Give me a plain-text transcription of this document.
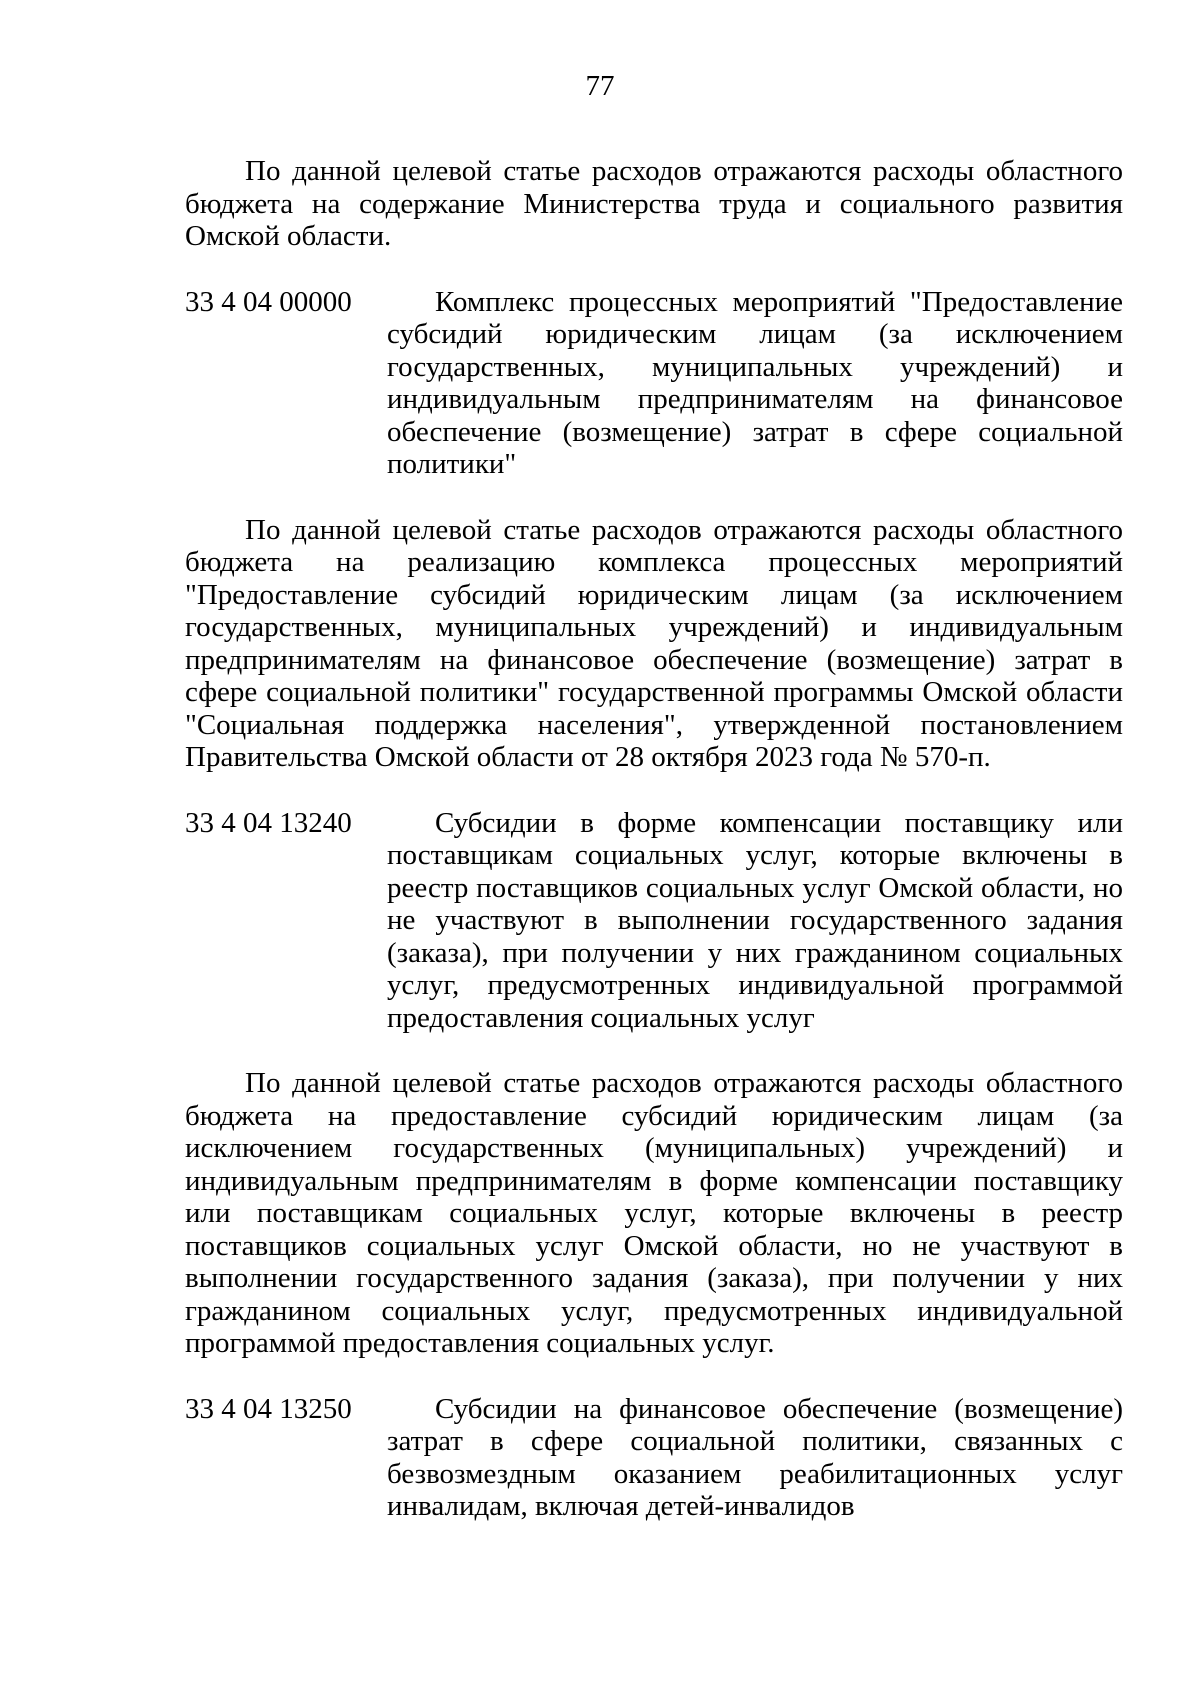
77

По данной целевой статье расходов отражаются расходы областного бюджета на содержание Министерства труда и социального развития Омской области.

33 4 04 00000	Комплекс процессных мероприятий "Предоставление субсидий юридическим лицам (за исключением государственных, муниципальных учреждений) и индивидуальным предпринимателям на финансовое обеспечение (возмещение) затрат в сфере социальной политики"

По данной целевой статье расходов отражаются расходы областного бюджета на реализацию комплекса процессных мероприятий "Предоставление субсидий юридическим лицам (за исключением государственных, муниципальных учреждений) и индивидуальным предпринимателям на финансовое обеспечение (возмещение) затрат в сфере социальной политики" государственной программы Омской области "Социальная поддержка населения", утвержденной постановлением Правительства Омской области от 28 октября 2023 года № 570-п.

33 4 04 13240	Субсидии в форме компенсации поставщику или поставщикам социальных услуг, которые включены в реестр поставщиков социальных услуг Омской области, но не участвуют в выполнении государственного задания (заказа), при получении у них гражданином социальных услуг, предусмотренных индивидуальной программой предоставления социальных услуг

По данной целевой статье расходов отражаются расходы областного бюджета на предоставление субсидий юридическим лицам (за исключением государственных (муниципальных) учреждений) и индивидуальным предпринимателям в форме компенсации поставщику или поставщикам социальных услуг, которые включены в реестр поставщиков социальных услуг Омской области, но не участвуют в выполнении государственного задания (заказа), при получении у них гражданином социальных услуг, предусмотренных индивидуальной программой предоставления социальных услуг.

33 4 04 13250	Субсидии на финансовое обеспечение (возмещение) затрат в сфере социальной политики, связанных с безвозмездным оказанием реабилитационных услуг инвалидам, включая детей-инвалидов
